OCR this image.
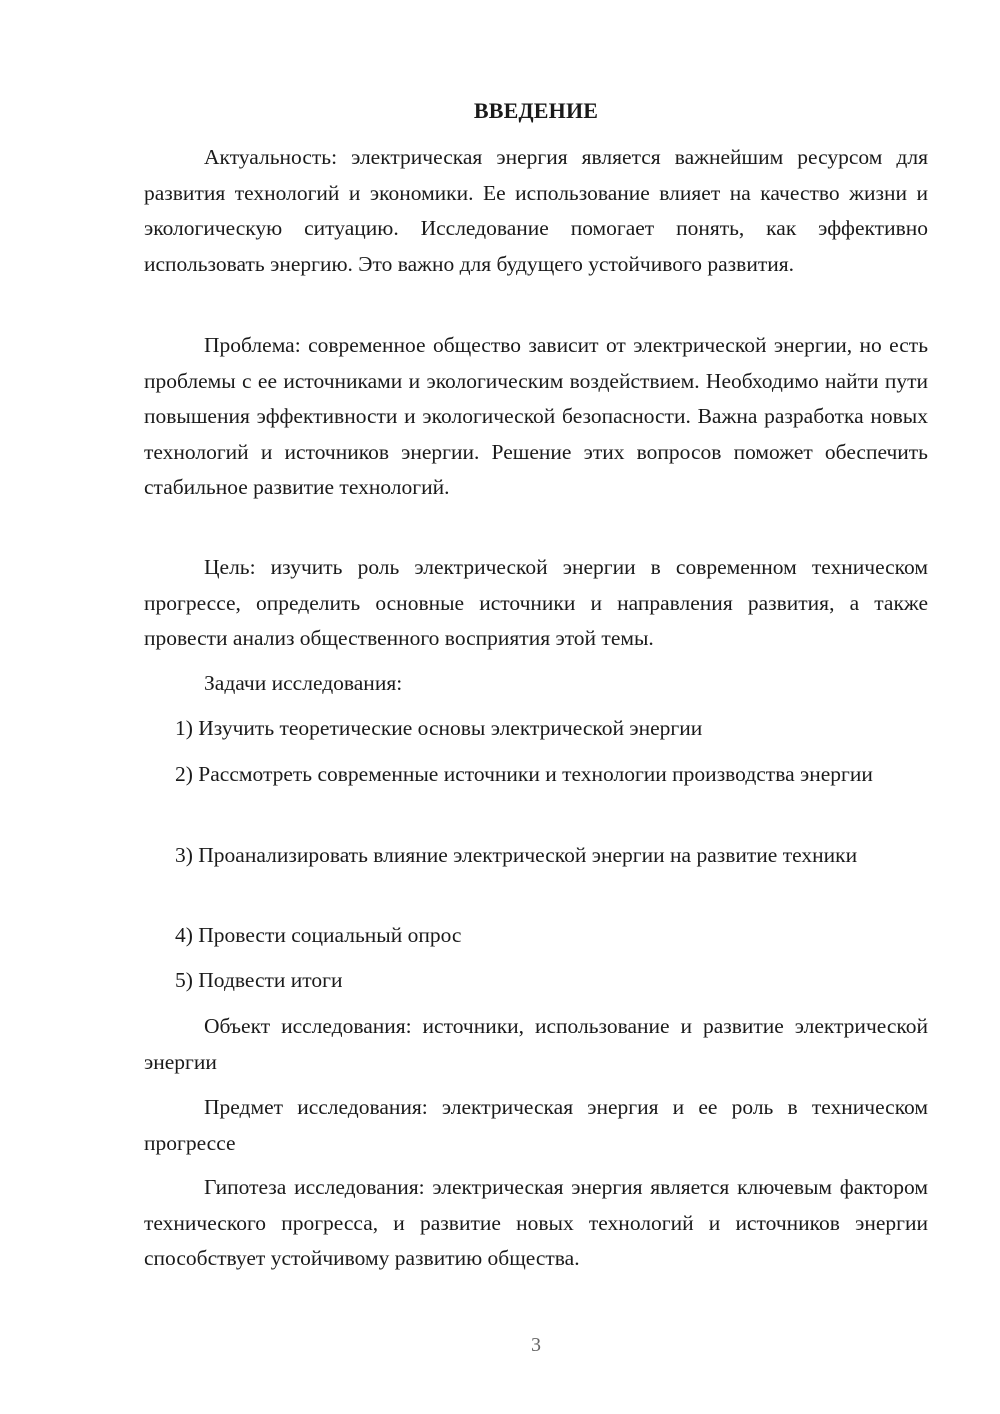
ВВЕДЕНИЕ

Актуальность: электрическая энергия является важнейшим ресурсом для развития технологий и экономики. Ее использование влияет на качество жизни и экологическую ситуацию. Исследование помогает понять, как эффективно использовать энергию. Это важно для будущего устойчивого развития.

Проблема: современное общество зависит от электрической энергии, но есть проблемы с ее источниками и экологическим воздействием. Необходимо найти пути повышения эффективности и экологической безопасности. Важна разработка новых технологий и источников энергии. Решение этих вопросов поможет обеспечить стабильное развитие технологий.

Цель: изучить роль электрической энергии в современном техническом прогрессе, определить основные источники и направления развития, а также провести анализ общественного восприятия этой темы.

Задачи исследования:

1) Изучить теоретические основы электрической энергии

2) Рассмотреть современные источники и технологии производства энергии

3) Проанализировать влияние электрической энергии на развитие техники

4) Провести социальный опрос

5) Подвести итоги

Объект исследования: источники, использование и развитие электрической энергии

Предмет исследования: электрическая энергия и ее роль в техническом прогрессе

Гипотеза исследования: электрическая энергия является ключевым фактором технического прогресса, и развитие новых технологий и источников энергии способствует устойчивому развитию общества.

3
